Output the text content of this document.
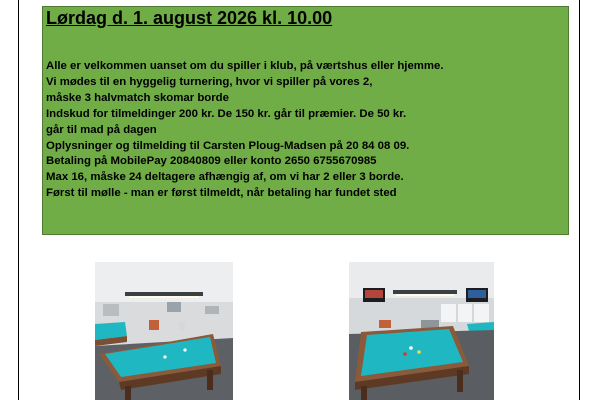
Lørdag d. 1. august 2026 kl. 10.00
Alle er velkommen uanset om du spiller i klub, på værtshus eller hjemme.
Vi mødes til en hyggelig turnering, hvor vi spiller på vores 2,
måske 3 halvmatch skomar borde
Indskud for tilmeldinger 200 kr. De 150 kr. går til præmier. De 50 kr.
går til mad på dagen
Oplysninger og tilmelding til Carsten Ploug-Madsen på 20 84 08 09.
Betaling på MobilePay 20840809 eller konto 2650 6755670985
Max 16, måske 24 deltagere afhængig af, om vi har 2 eller 3 borde.
Først til mølle - man er først tilmeldt, når betaling har fundet sted
